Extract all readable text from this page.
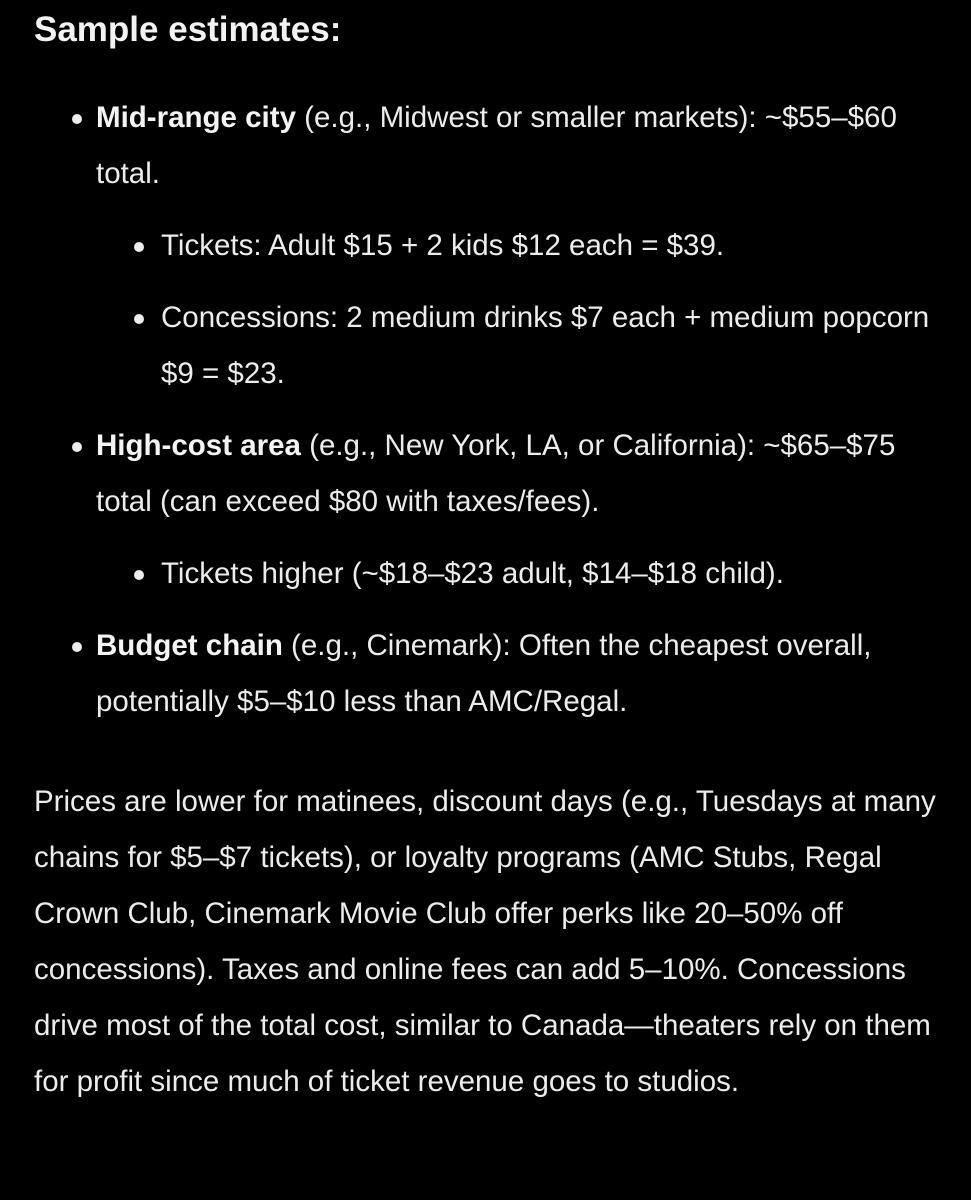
Sample estimates:
Mid-range city (e.g., Midwest or smaller markets): ~$55–$60 total.
Tickets: Adult $15 + 2 kids $12 each = $39.
Concessions: 2 medium drinks $7 each + medium popcorn $9 = $23.
High-cost area (e.g., New York, LA, or California): ~$65–$75 total (can exceed $80 with taxes/fees).
Tickets higher (~$18–$23 adult, $14–$18 child).
Budget chain (e.g., Cinemark): Often the cheapest overall, potentially $5–$10 less than AMC/Regal.

Prices are lower for matinees, discount days (e.g., Tuesdays at many chains for $5–$7 tickets), or loyalty programs (AMC Stubs, Regal Crown Club, Cinemark Movie Club offer perks like 20–50% off concessions). Taxes and online fees can add 5–10%. Concessions drive most of the total cost, similar to Canada—theaters rely on them for profit since much of ticket revenue goes to studios.
